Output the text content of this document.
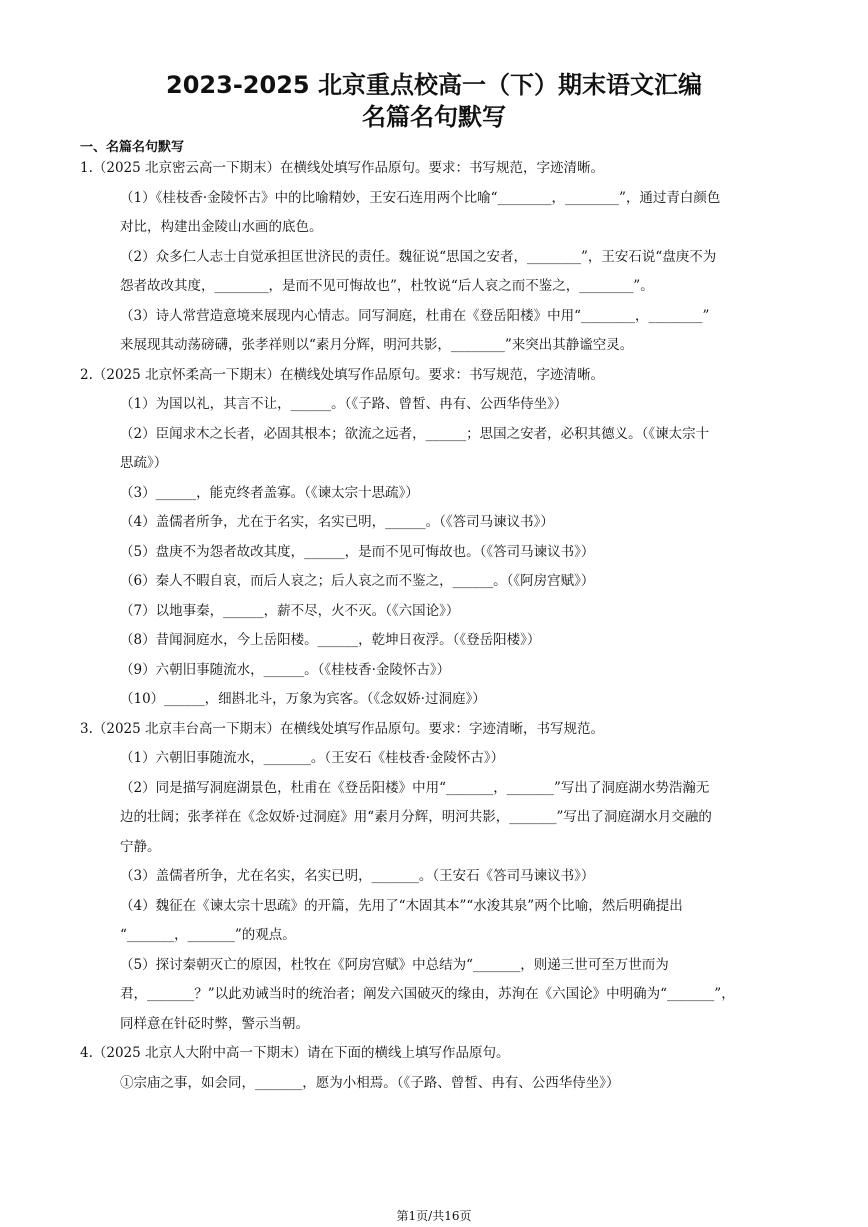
2023-2025 北京重点校高一（下）期末语文汇编
名篇名句默写
一、名篇名句默写
1.（2025 北京密云高一下期末）在横线处填写作品原句。要求：书写规范，字迹清晰。
（1）《桂枝香·金陵怀古》中的比喻精妙，王安石连用两个比喻“________，________”，通过青白颜色
对比，构建出金陵山水画的底色。
（2）众多仁人志士自觉承担匡世济民的责任。魏征说“思国之安者，________”，王安石说“盘庚不为
怨者故改其度，________，是而不见可悔故也”，杜牧说“后人哀之而不鉴之，________”。
（3）诗人常营造意境来展现内心情志。同写洞庭，杜甫在《登岳阳楼》中用“________，________”
来展现其动荡磅礴，张孝祥则以“素月分辉，明河共影，________”来突出其静谧空灵。
2.（2025 北京怀柔高一下期末）在横线处填写作品原句。要求：书写规范，字迹清晰。
（1）为国以礼，其言不让，______。（《子路、曾皙、冉有、公西华侍坐》）
（2）臣闻求木之长者，必固其根本；欲流之远者，______；思国之安者，必积其德义。（《谏太宗十
思疏》）
（3）______，能克终者盖寡。（《谏太宗十思疏》）
（4）盖儒者所争，尤在于名实，名实已明，______。（《答司马谏议书》）
（5）盘庚不为怨者故改其度，______，是而不见可悔故也。（《答司马谏议书》）
（6）秦人不暇自哀，而后人哀之；后人哀之而不鉴之，______。（《阿房宫赋》）
（7）以地事秦，______，薪不尽，火不灭。（《六国论》）
（8）昔闻洞庭水，今上岳阳楼。______，乾坤日夜浮。（《登岳阳楼》）
（9）六朝旧事随流水，______。（《桂枝香·金陵怀古》）
（10）______，细斟北斗，万象为宾客。（《念奴娇·过洞庭》）
3.（2025 北京丰台高一下期末）在横线处填写作品原句。要求：字迹清晰，书写规范。
（1）六朝旧事随流水，_______。（王安石《桂枝香·金陵怀古》）
（2）同是描写洞庭湖景色，杜甫在《登岳阳楼》中用“_______，_______”写出了洞庭湖水势浩瀚无
边的壮阔；张孝祥在《念奴娇·过洞庭》用“素月分辉，明河共影，_______”写出了洞庭湖水月交融的
宁静。
（3）盖儒者所争，尤在名实，名实已明，_______。（王安石《答司马谏议书》）
（4）魏征在《谏太宗十思疏》的开篇，先用了“木固其本”“水浚其泉”两个比喻，然后明确提出
“_______，_______”的观点。
（5）探讨秦朝灭亡的原因，杜牧在《阿房宫赋》中总结为“_______，则递三世可至万世而为
君，_______？”以此劝诫当时的统治者；阐发六国破灭的缘由，苏洵在《六国论》中明确为“_______”，
同样意在针砭时弊，警示当朝。
4.（2025 北京人大附中高一下期末）请在下面的横线上填写作品原句。
①宗庙之事，如会同，_______，愿为小相焉。（《子路、曾皙、冉有、公西华侍坐》）
第1页/共16页
